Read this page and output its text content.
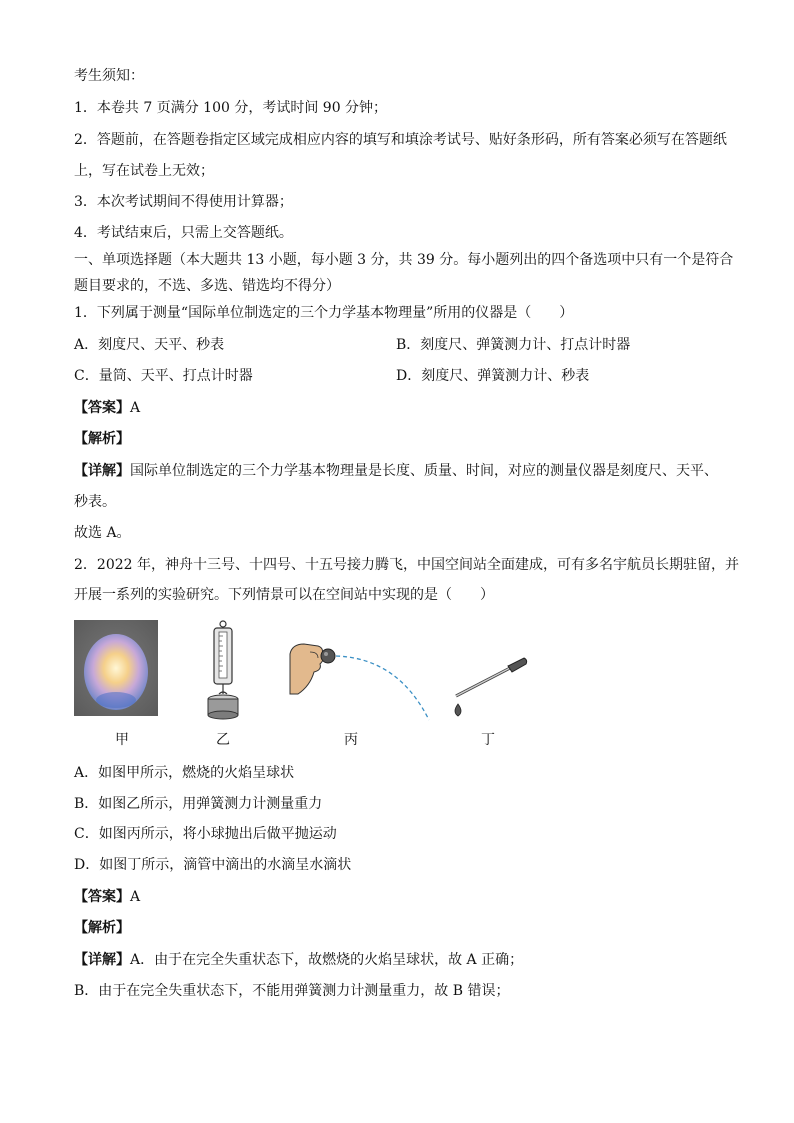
考生须知：
1．本卷共 7 页满分 100 分，考试时间 90 分钟；
2．答题前，在答题卷指定区域完成相应内容的填写和填涂考试号、贴好条形码，所有答案必须写在答题纸
上，写在试卷上无效；
3．本次考试期间不得使用计算器；
4．考试结束后，只需上交答题纸。
一、单项选择题（本大题共 13 小题，每小题 3 分，共 39 分。每小题列出的四个备选项中只有一个是符合
题目要求的，不选、多选、错选均不得分）
1．下列属于测量“国际单位制选定的三个力学基本物理量”所用的仪器是（　　）
A．刻度尺、天平、秒表	B．刻度尺、弹簧测力计、打点计时器
C．量筒、天平、打点计时器	D．刻度尺、弹簧测力计、秒表
【答案】A
【解析】
【详解】国际单位制选定的三个力学基本物理量是长度、质量、时间，对应的测量仪器是刻度尺、天平、
秒表。
故选 A。
2．2022 年，神舟十三号、十四号、十五号接力腾飞，中国空间站全面建成，可有多名宇航员长期驻留，并
开展一系列的实验研究。下列情景可以在空间站中实现的是（　　）
甲	乙	丙	丁
A．如图甲所示，燃烧的火焰呈球状
B．如图乙所示，用弹簧测力计测量重力
C．如图丙所示，将小球抛出后做平抛运动
D．如图丁所示，滴管中滴出的水滴呈水滴状
【答案】A
【解析】
【详解】A．由于在完全失重状态下，故燃烧的火焰呈球状，故 A 正确；
B．由于在完全失重状态下，不能用弹簧测力计测量重力，故 B 错误；
